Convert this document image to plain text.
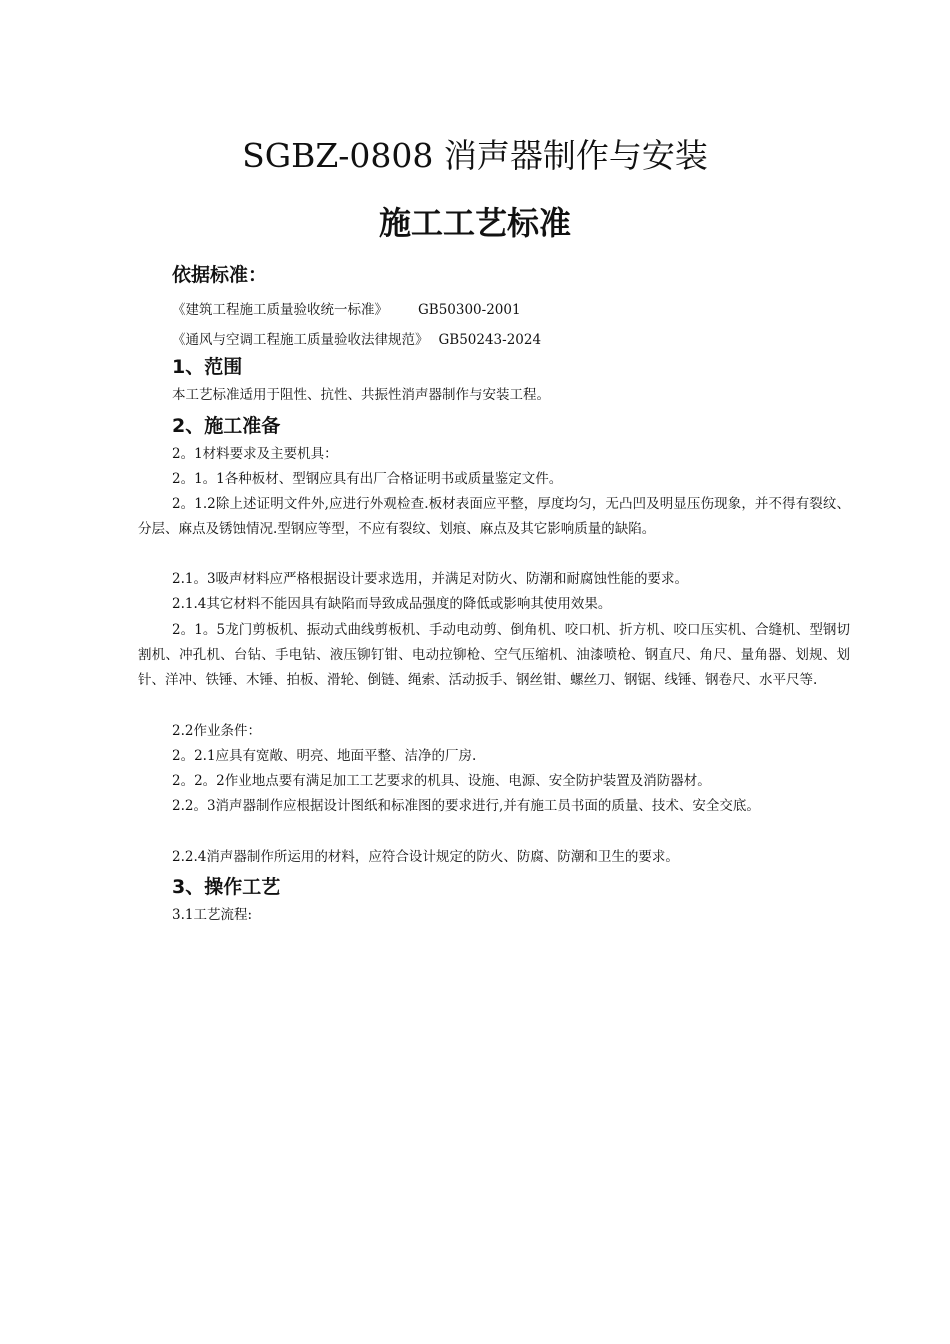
SGBZ-0808 消声器制作与安装
施工工艺标准
依据标准：
《建筑工程施工质量验收统一标准》 GB50300-2001
《通风与空调工程施工质量验收法律规范》 GB50243-2024
1、范围
本工艺标准适用于阻性、抗性、共振性消声器制作与安装工程。
2、施工准备
2。1材料要求及主要机具：
2。1。1各种板材、型钢应具有出厂合格证明书或质量鉴定文件。
2。1.2除上述证明文件外,应进行外观检查.板材表面应平整，厚度均匀，无凸凹及明显压伤现象，并不得有裂纹、分层、麻点及锈蚀情况.型钢应等型，不应有裂纹、划痕、麻点及其它影响质量的缺陷。
2.1。3吸声材料应严格根据设计要求选用，并满足对防火、防潮和耐腐蚀性能的要求。
2.1.4其它材料不能因具有缺陷而导致成品强度的降低或影响其使用效果。
2。1。5龙门剪板机、振动式曲线剪板机、手动电动剪、倒角机、咬口机、折方机、咬口压实机、合缝机、型钢切割机、冲孔机、台钻、手电钻、液压铆钉钳、电动拉铆枪、空气压缩机、油漆喷枪、钢直尺、角尺、量角器、划规、划针、洋冲、铁锤、木锤、拍板、滑轮、倒链、绳索、活动扳手、钢丝钳、螺丝刀、钢锯、线锤、钢卷尺、水平尺等.
2.2作业条件：
2。2.1应具有宽敞、明亮、地面平整、洁净的厂房.
2。2。2作业地点要有满足加工工艺要求的机具、设施、电源、安全防护装置及消防器材。
2.2。3消声器制作应根据设计图纸和标准图的要求进行,并有施工员书面的质量、技术、安全交底。
2.2.4消声器制作所运用的材料，应符合设计规定的防火、防腐、防潮和卫生的要求。
3、操作工艺
3.1工艺流程:
